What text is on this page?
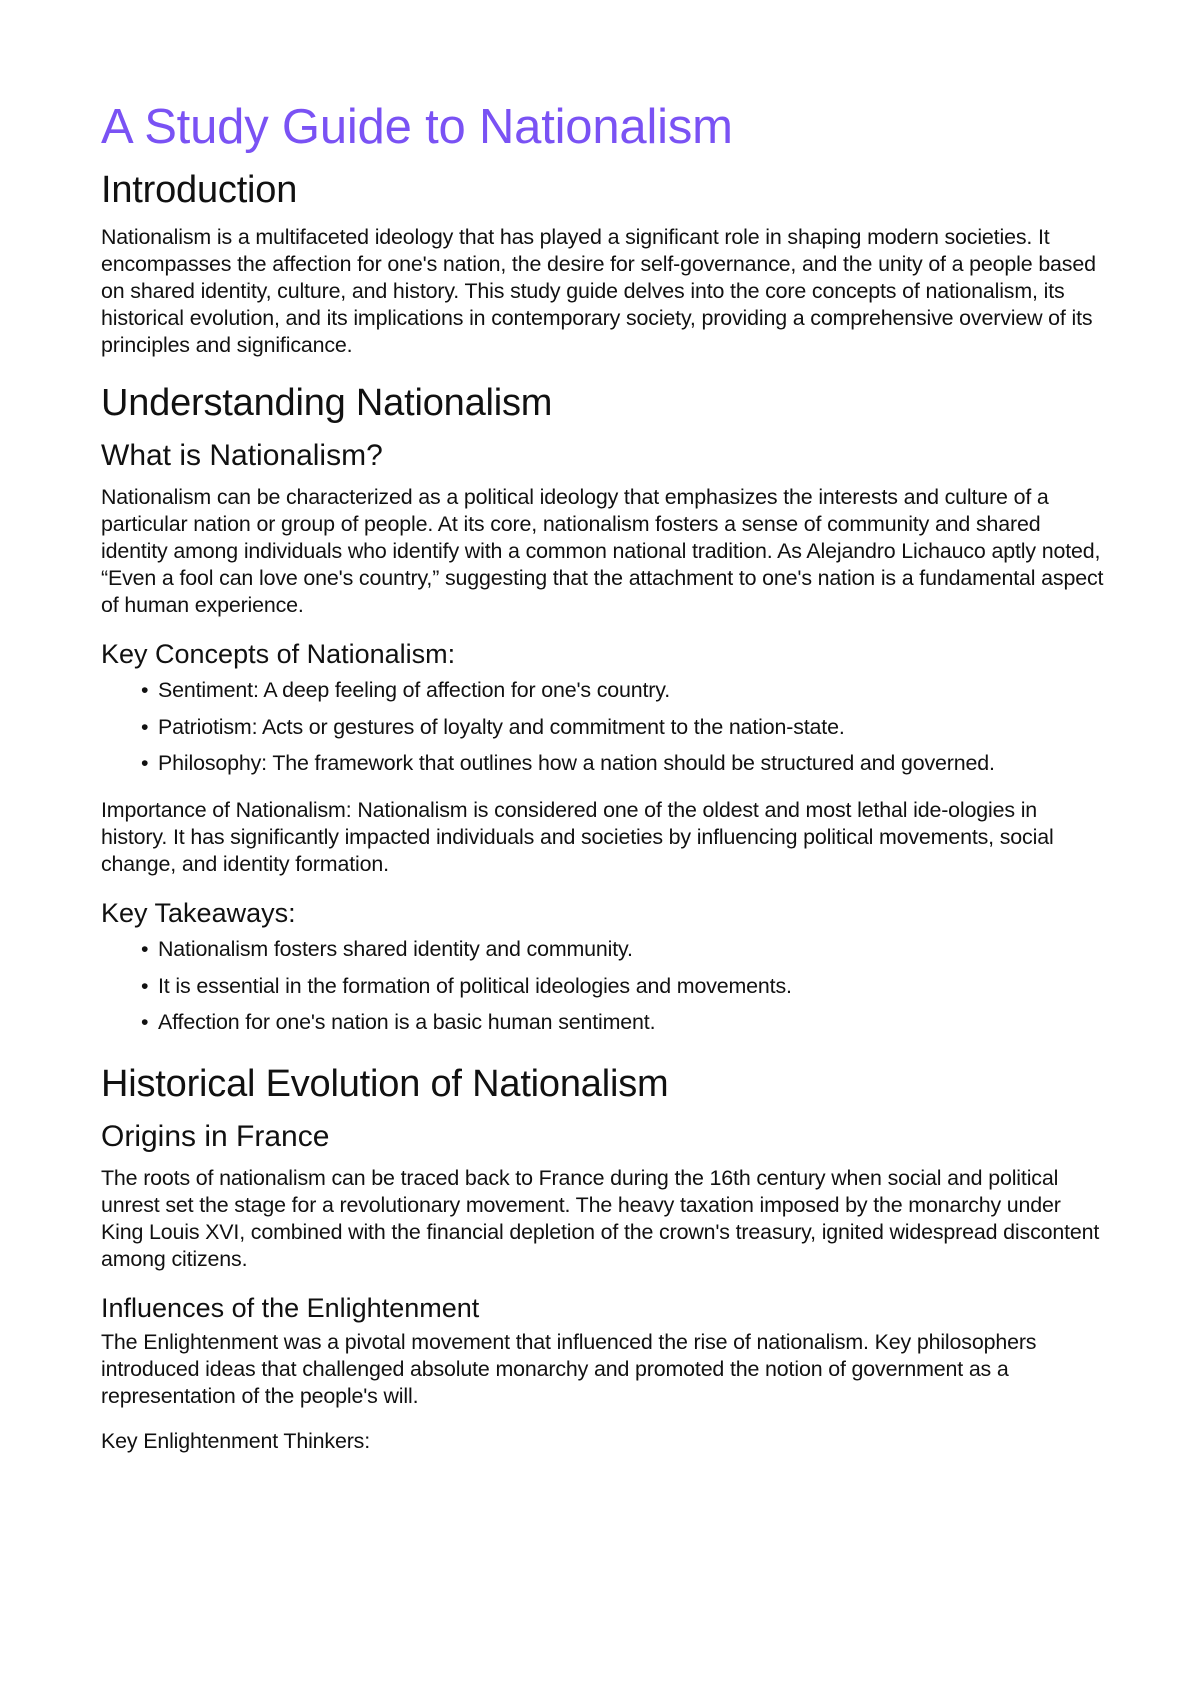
A Study Guide to Nationalism
Introduction

Nationalism is a multifaceted ideology that has played a significant role in shaping modern societies. It encompasses the affection for one's nation, the desire for self-governance, and the unity of a people based on shared identity, culture, and history. This study guide delves into the core concepts of nationalism, its historical evolution, and its implications in contemporary society, providing a comprehensive overview of its principles and significance.

Understanding Nationalism
What is Nationalism?

Nationalism can be characterized as a political ideology that emphasizes the interests and culture of a particular nation or group of people. At its core, nationalism fosters a sense of community and shared identity among individuals who identify with a common national tradition. As Alejandro Lichauco aptly noted, “Even a fool can love one's country,” suggesting that the attachment to one's nation is a fundamental aspect of human experience.

Key Concepts of Nationalism:
• Sentiment: A deep feeling of affection for one's country.
• Patriotism: Acts or gestures of loyalty and commitment to the nation-state.
• Philosophy: The framework that outlines how a nation should be structured and governed.

Importance of Nationalism: Nationalism is considered one of the oldest and most lethal ide-ologies in history. It has significantly impacted individuals and societies by influencing political movements, social change, and identity formation.

Key Takeaways:
• Nationalism fosters shared identity and community.
• It is essential in the formation of political ideologies and movements.
• Affection for one's nation is a basic human sentiment.
Historical Evolution of Nationalism
Origins in France

The roots of nationalism can be traced back to France during the 16th century when social and political unrest set the stage for a revolutionary movement. The heavy taxation imposed by the monarchy under King Louis XVI, combined with the financial depletion of the crown's treasury, ignited widespread discontent among citizens.

Influences of the Enlightenment

The Enlightenment was a pivotal movement that influenced the rise of nationalism. Key philosophers introduced ideas that challenged absolute monarchy and promoted the notion of government as a representation of the people's will.

Key Enlightenment Thinkers:
